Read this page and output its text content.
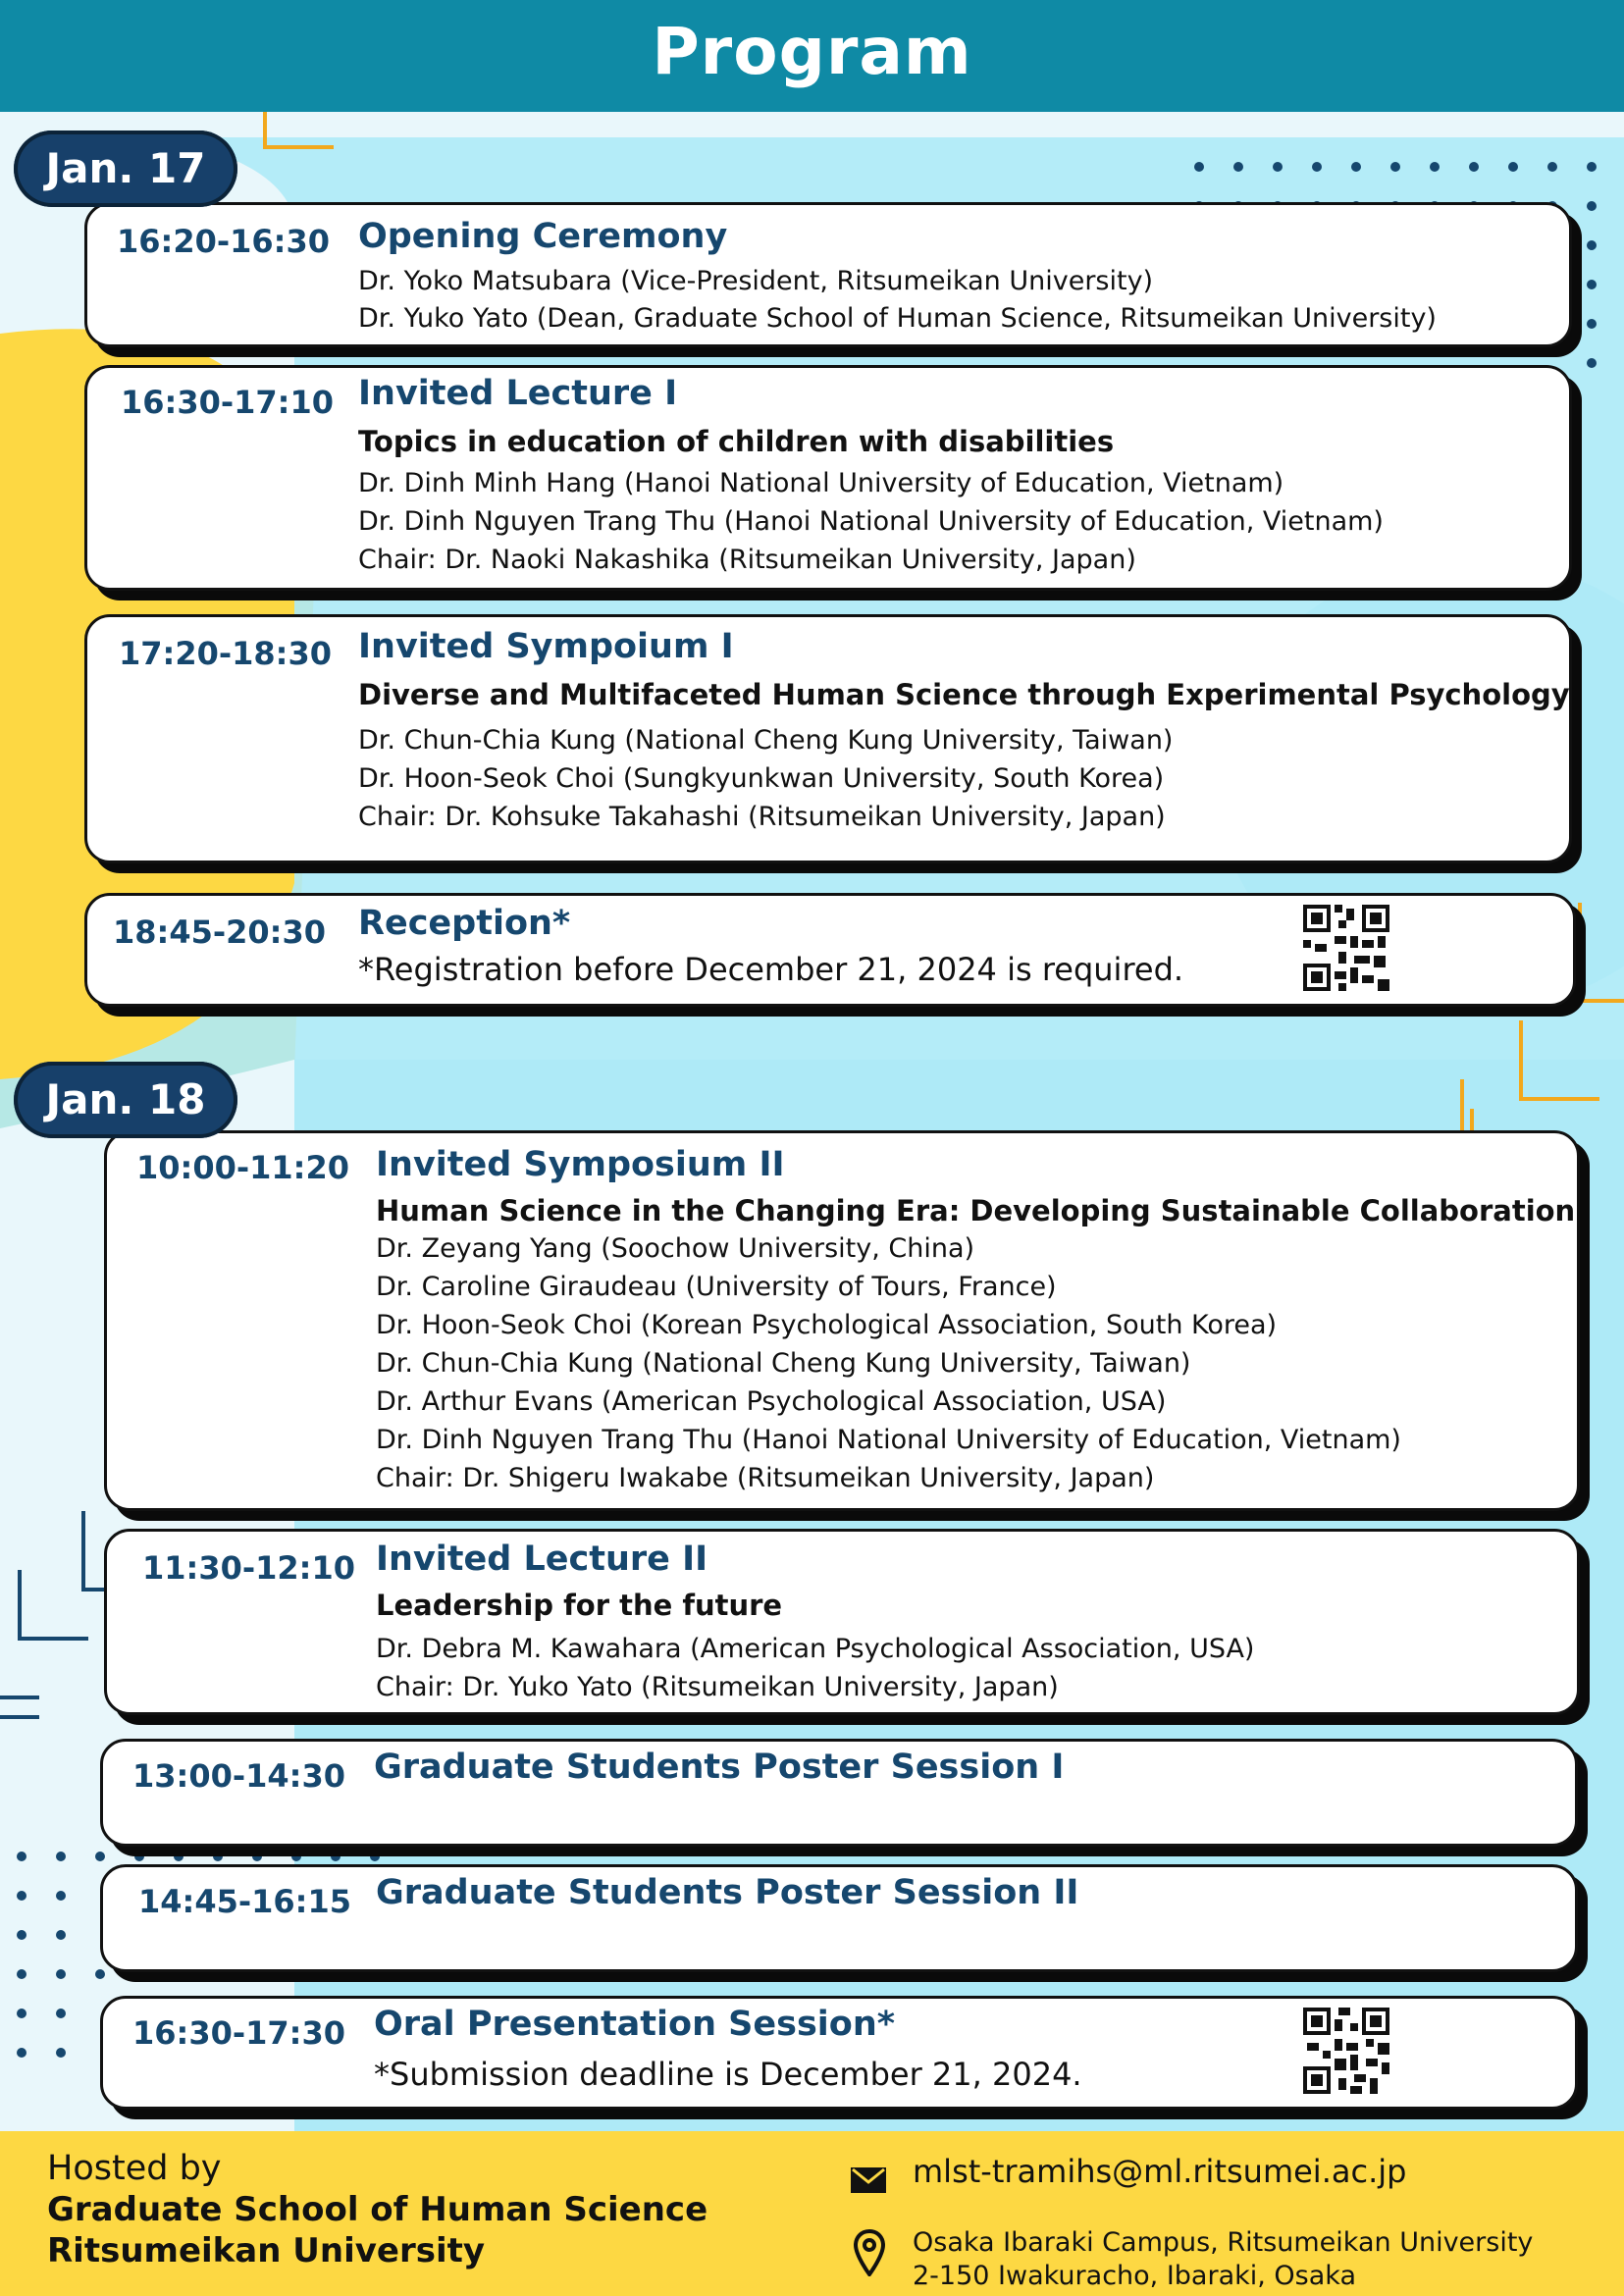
Program
Jan. 17
16:20-16:30 Opening Ceremony
Dr. Yoko Matsubara (Vice-President, Ritsumeikan University)
Dr. Yuko Yato (Dean, Graduate School of Human Science, Ritsumeikan University)
16:30-17:10 Invited Lecture I
Topics in education of children with disabilities
Dr. Dinh Minh Hang (Hanoi National University of Education, Vietnam)
Dr. Dinh Nguyen Trang Thu (Hanoi National University of Education, Vietnam)
Chair: Dr. Naoki Nakashika (Ritsumeikan University, Japan)
17:20-18:30 Invited Sympoium I
Diverse and Multifaceted Human Science through Experimental Psychology
Dr. Chun-Chia Kung (National Cheng Kung University, Taiwan)
Dr. Hoon-Seok Choi (Sungkyunkwan University, South Korea)
Chair: Dr. Kohsuke Takahashi (Ritsumeikan University, Japan)
18:45-20:30 Reception*
*Registration before December 21, 2024 is required.
Jan. 18
10:00-11:20 Invited Symposium II
Human Science in the Changing Era: Developing Sustainable Collaboration
Dr. Zeyang Yang (Soochow University, China)
Dr. Caroline Giraudeau (University of Tours, France)
Dr. Hoon-Seok Choi (Korean Psychological Association, South Korea)
Dr. Chun-Chia Kung (National Cheng Kung University, Taiwan)
Dr. Arthur Evans (American Psychological Association, USA)
Dr. Dinh Nguyen Trang Thu (Hanoi National University of Education, Vietnam)
Chair: Dr. Shigeru Iwakabe (Ritsumeikan University, Japan)
11:30-12:10 Invited Lecture II
Leadership for the future
Dr. Debra M. Kawahara (American Psychological Association, USA)
Chair: Dr. Yuko Yato (Ritsumeikan University, Japan)
13:00-14:30 Graduate Students Poster Session I
14:45-16:15 Graduate Students Poster Session II
16:30-17:30 Oral Presentation Session*
*Submission deadline is December 21, 2024.
Hosted by
Graduate School of Human Science
Ritsumeikan University
mlst-tramihs@ml.ritsumei.ac.jp
Osaka Ibaraki Campus, Ritsumeikan University
2-150 Iwakuracho, Ibaraki, Osaka
